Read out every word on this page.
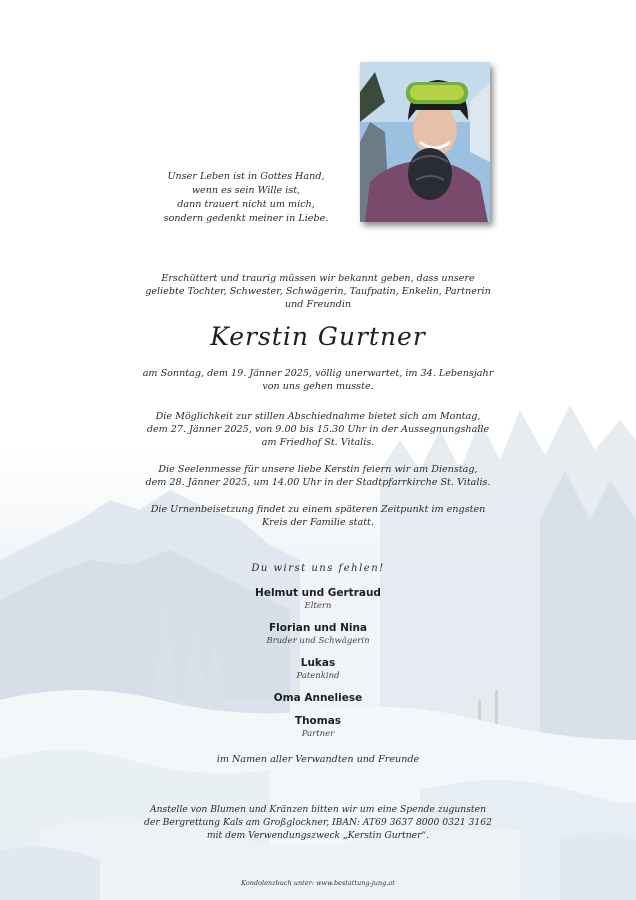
Unser Leben ist in Gottes Hand,
wenn es sein Wille ist,
dann trauert nicht um mich,
sondern gedenkt meiner in Liebe.
Erschüttert und traurig müssen wir bekannt geben, dass unsere
geliebte Tochter, Schwester, Schwägerin, Taufpatin, Enkelin, Partnerin
und Freundin
Kerstin Gurtner
am Sonntag, dem 19. Jänner 2025, völlig unerwartet, im 34. Lebensjahr
von uns gehen musste.
Die Möglichkeit zur stillen Abschiednahme bietet sich am Montag,
dem 27. Jänner 2025, von 9.00 bis 15.30 Uhr in der Aussegnungshalle
am Friedhof St. Vitalis.
Die Seelenmesse für unsere liebe Kerstin feiern wir am Dienstag,
dem 28. Jänner 2025, um 14.00 Uhr in der Stadtpfarrkirche St. Vitalis.
Die Urnenbeisetzung findet zu einem späteren Zeitpunkt im engsten
Kreis der Familie statt.
Du wirst uns fehlen!
Helmut und Gertraud
Eltern
Florian und Nina
Bruder und Schwägerin
Lukas
Patenkind
Oma Anneliese
Thomas
Partner
im Namen aller Verwandten und Freunde
Anstelle von Blumen und Kränzen bitten wir um eine Spende zugunsten
der Bergrettung Kals am Großglockner, IBAN: AT69 3637 8000 0321 3162
mit dem Verwendungszweck „Kerstin Gurtner“.
Kondolenzbuch unter: www.bestattung-jung.at
